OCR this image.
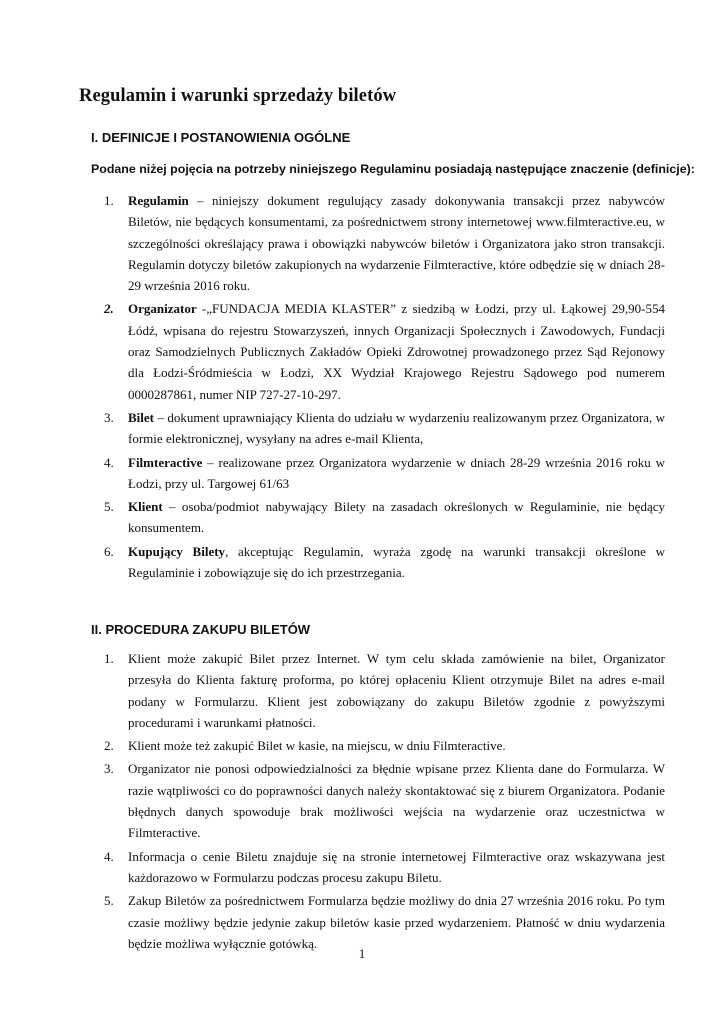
Regulamin i warunki sprzedaży biletów
I. DEFINICJE I POSTANOWIENIA OGÓLNE

Podane niżej pojęcia na potrzeby niniejszego Regulaminu posiadają następujące znaczenie (definicje):

1. Regulamin – niniejszy dokument regulujący zasady dokonywania transakcji przez nabywców Biletów, nie będących konsumentami, za pośrednictwem strony internetowej www.filmteractive.eu, w szczególności określający prawa i obowiązki nabywców biletów i Organizatora jako stron transakcji. Regulamin dotyczy biletów zakupionych na wydarzenie Filmteractive, które odbędzie się w dniach 28-29 września 2016 roku.
2. Organizator -„FUNDACJA MEDIA KLASTER” z siedzibą w Łodzi, przy ul. Łąkowej 29,90-554 Łódź, wpisana do rejestru Stowarzyszeń, innych Organizacji Społecznych i Zawodowych, Fundacji oraz Samodzielnych Publicznych Zakładów Opieki Zdrowotnej prowadzonego przez Sąd Rejonowy dla Łodzi-Śródmieścia w Łodzi, XX Wydział Krajowego Rejestru Sądowego pod numerem 0000287861, numer NIP 727-27-10-297.
3. Bilet – dokument uprawniający Klienta do udziału w wydarzeniu realizowanym przez Organizatora, w formie elektronicznej, wysyłany na adres e-mail Klienta,
4. Filmteractive – realizowane przez Organizatora wydarzenie w dniach 28-29 września 2016 roku w Łodzi, przy ul. Targowej 61/63
5. Klient – osoba/podmiot nabywający Bilety na zasadach określonych w Regulaminie, nie będący konsumentem.
6. Kupujący Bilety, akceptując Regulamin, wyraża zgodę na warunki transakcji określone w Regulaminie i zobowiązuje się do ich przestrzegania.
II. PROCEDURA ZAKUPU BILETÓW
1. Klient może zakupić Bilet przez Internet. W tym celu składa zamówienie na bilet, Organizator przesyła do Klienta fakturę proforma, po której opłaceniu Klient otrzymuje Bilet na adres e-mail podany w Formularzu. Klient jest zobowiązany do zakupu Biletów zgodnie z powyższymi procedurami i warunkami płatności.
2. Klient może też zakupić Bilet w kasie, na miejscu, w dniu Filmteractive.
3. Organizator nie ponosi odpowiedzialności za błędnie wpisane przez Klienta dane do Formularza. W razie wątpliwości co do poprawności danych należy skontaktować się z biurem Organizatora. Podanie błędnych danych spowoduje brak możliwości wejścia na wydarzenie oraz uczestnictwa w Filmteractive.
4. Informacja o cenie Biletu znajduje się na stronie internetowej Filmteractive oraz wskazywana jest każdorazowo w Formularzu podczas procesu zakupu Biletu.
5. Zakup Biletów za pośrednictwem Formularza będzie możliwy do dnia 27 września 2016 roku. Po tym czasie możliwy będzie jedynie zakup biletów kasie przed wydarzeniem. Płatność w dniu wydarzenia będzie możliwa wyłącznie gotówką.

1
